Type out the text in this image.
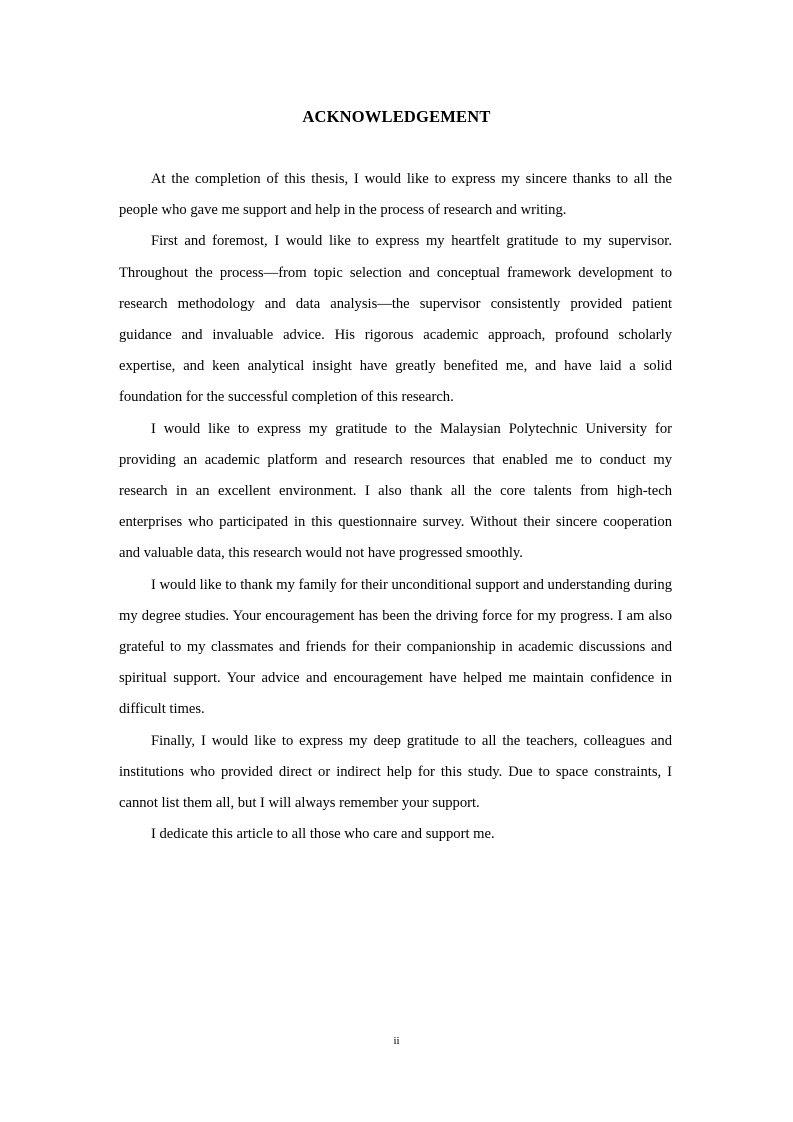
ACKNOWLEDGEMENT

At the completion of this thesis, I would like to express my sincere thanks to all the people who gave me support and help in the process of research and writing.

First and foremost, I would like to express my heartfelt gratitude to my supervisor. Throughout the process—from topic selection and conceptual framework development to research methodology and data analysis—the supervisor consistently provided patient guidance and invaluable advice. His rigorous academic approach, profound scholarly expertise, and keen analytical insight have greatly benefited me, and have laid a solid foundation for the successful completion of this research.

I would like to express my gratitude to the Malaysian Polytechnic University for providing an academic platform and research resources that enabled me to conduct my research in an excellent environment. I also thank all the core talents from high-tech enterprises who participated in this questionnaire survey. Without their sincere cooperation and valuable data, this research would not have progressed smoothly.

I would like to thank my family for their unconditional support and understanding during my degree studies. Your encouragement has been the driving force for my progress. I am also grateful to my classmates and friends for their companionship in academic discussions and spiritual support. Your advice and encouragement have helped me maintain confidence in difficult times.

Finally, I would like to express my deep gratitude to all the teachers, colleagues and institutions who provided direct or indirect help for this study. Due to space constraints, I cannot list them all, but I will always remember your support.

I dedicate this article to all those who care and support me.

ii
